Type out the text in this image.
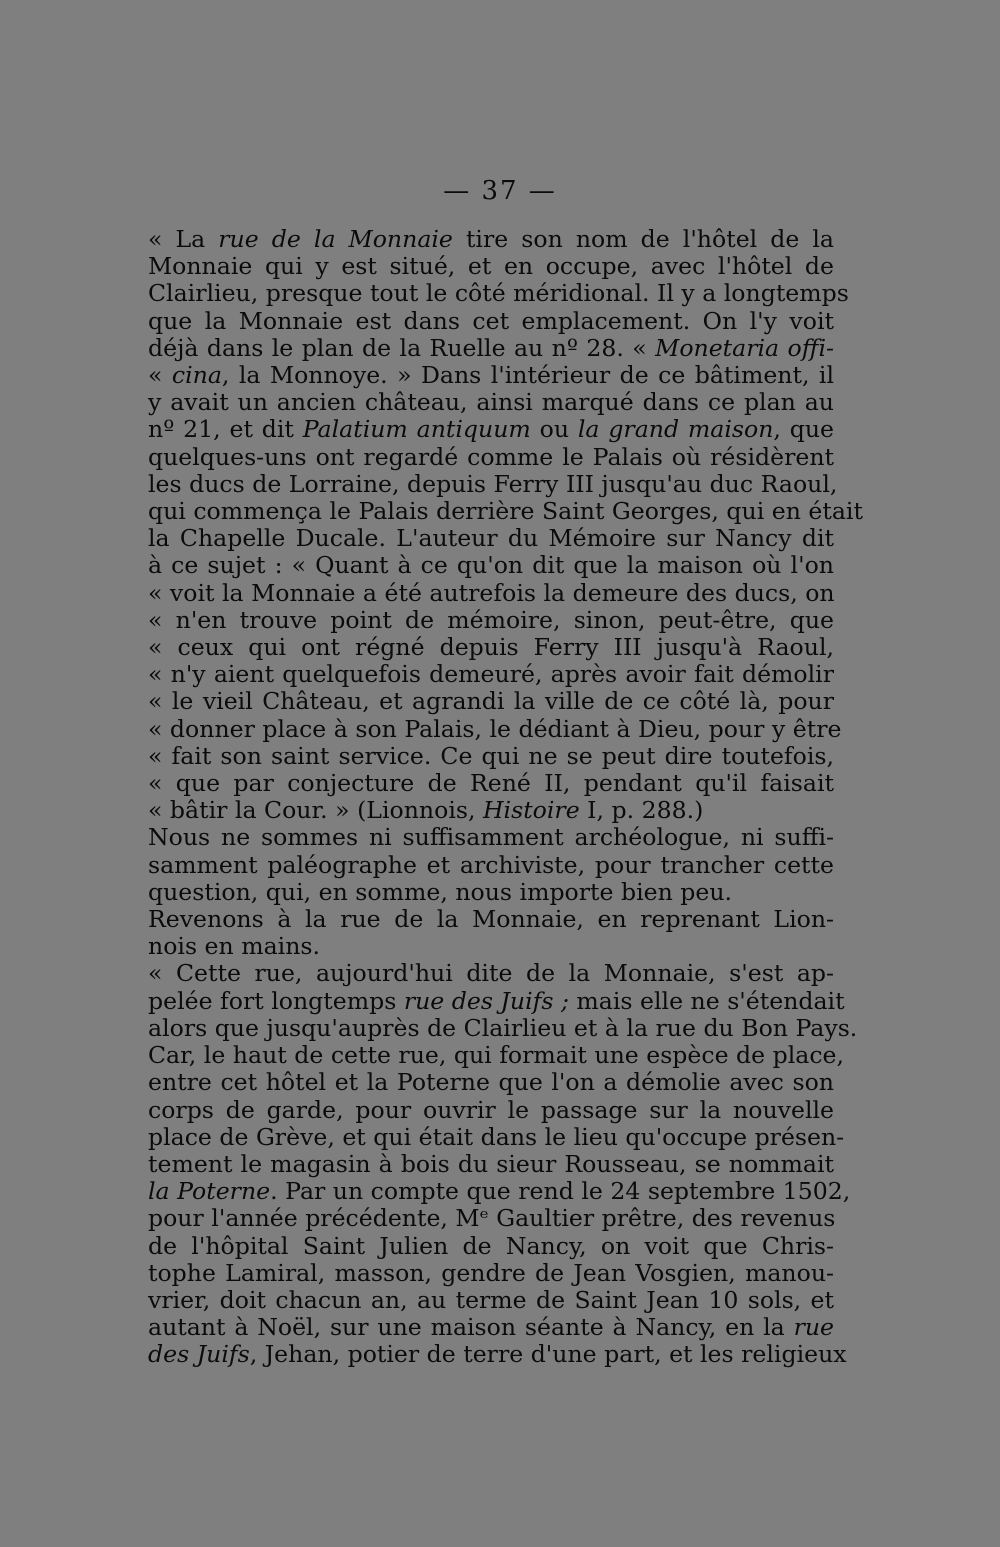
— 37 —
« La rue de la Monnaie tire son nom de l'hôtel de la
Monnaie qui y est situé, et en occupe, avec l'hôtel de
Clairlieu, presque tout le côté méridional. Il y a longtemps
que la Monnaie est dans cet emplacement. On l'y voit
déjà dans le plan de la Ruelle au nº 28. « Monetaria offi-
« cina, la Monnoye. » Dans l'intérieur de ce bâtiment, il
y avait un ancien château, ainsi marqué dans ce plan au
nº 21, et dit Palatium antiquum ou la grand maison, que
quelques-uns ont regardé comme le Palais où résidèrent
les ducs de Lorraine, depuis Ferry III jusqu'au duc Raoul,
qui commença le Palais derrière Saint Georges, qui en était
la Chapelle Ducale. L'auteur du Mémoire sur Nancy dit
à ce sujet : « Quant à ce qu'on dit que la maison où l'on
« voit la Monnaie a été autrefois la demeure des ducs, on
« n'en trouve point de mémoire, sinon, peut-être, que
« ceux qui ont régné depuis Ferry III jusqu'à Raoul,
« n'y aient quelquefois demeuré, après avoir fait démolir
« le vieil Château, et agrandi la ville de ce côté là, pour
« donner place à son Palais, le dédiant à Dieu, pour y être
« fait son saint service. Ce qui ne se peut dire toutefois,
« que par conjecture de René II, pendant qu'il faisait
« bâtir la Cour. » (Lionnois, Histoire I, p. 288.)
Nous ne sommes ni suffisamment archéologue, ni suffi-
samment paléographe et archiviste, pour trancher cette
question, qui, en somme, nous importe bien peu.
Revenons à la rue de la Monnaie, en reprenant Lion-
nois en mains.
« Cette rue, aujourd'hui dite de la Monnaie, s'est ap-
pelée fort longtemps rue des Juifs ; mais elle ne s'étendait
alors que jusqu'auprès de Clairlieu et à la rue du Bon Pays.
Car, le haut de cette rue, qui formait une espèce de place,
entre cet hôtel et la Poterne que l'on a démolie avec son
corps de garde, pour ouvrir le passage sur la nouvelle
place de Grève, et qui était dans le lieu qu'occupe présen-
tement le magasin à bois du sieur Rousseau, se nommait
la Poterne. Par un compte que rend le 24 septembre 1502,
pour l'année précédente, Mᵉ Gaultier prêtre, des revenus
de l'hôpital Saint Julien de Nancy, on voit que Chris-
tophe Lamiral, masson, gendre de Jean Vosgien, manou-
vrier, doit chacun an, au terme de Saint Jean 10 sols, et
autant à Noël, sur une maison séante à Nancy, en la rue
des Juifs, Jehan, potier de terre d'une part, et les religieux
